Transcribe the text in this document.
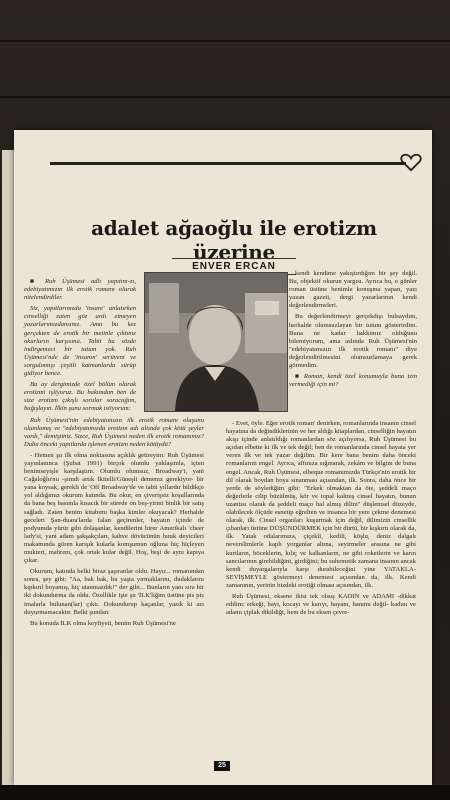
adalet ağaoğlu ile erotizm üzerine
ENVER ERCAN

■ Ruh Üşümesi adlı yapıtını-zı, edebiyatımızın ilk erotik romanı olarak nitelendirdiler.

Siz, yapıtlarınızda 'insanı' anlatırken cinselliği zaten göz ardı etmeyen yazarlarımızdansınız. Ama bu kez gerçekten de erotik bir metinle çıktınız okurların karşısına. Tabii bu sözde indirgemeci bir tutum yok. Ruh Üşümesi'nde de 'insanın' serüveni ve sorgulamışı çeşitli katmanlarda sürüp gidiyor bence.

Bu ay dergimizde özel bölüm olarak erotizmi işliyoruz. Bu bakımdan ben de size erotizm çıkışlı sorular soracağım, bağışlayın. İlkin şunu sormak istiyorum:

Ruh Üşümesi'nin edebiyatımızın ilk erotik romanı oluşunu olumlamış ve "edebiyatımızda erotizm adı altında çok kötü şeyler vardı," demiştiniz. Sizce, Ruh Üşümesi neden ilk erotik romanımız? Daba önceki yapıtlarda işlenen erotizm neden kötüydü?

- Hemen şu ilk olma noktasına açıklık getireyim: Ruh Üşümesi yayınlanınca (Şubat 1991) birçok olumlu yaklaşımla, içten benimseyişle karşılaştım. Olumlu olumsuz, Broadway'i, yani Cağaloğlu'nu -şimdi artık İkitelli/Güneşli demenız gerekiyor- bir yana koysak, gerekli de 'Off Broadway'de ve tabii yıllardır bildikçe yol aldığımız okurum katında. Bu okur, en çiverişsiz koşullarında da bana beş basımla kısacık bir sürede on beş-yirmi binlik bir satış sağladı. Zaten benim kitabımı başka kimler okuyacak? Herhalde geceleri Şan-duara'larda falan geçirenler, hayatın içinde de podyumda yürür gibi dolaşanlar, kendilerini birer Amerikalı 'cheer lady'si, yani adam şakşakçıları, kahve dövücünün hınık deyicileri makamında gören karışık kularla komşumun oğluna hiç hiçleyen mukteri, mahrem, çok ortak kular değil. Hoş, beşi de aynı kapıya çıkar.

Okurum, katında belki biraz şaşıranlar oldu. Hayır... romanından sonra, şey gibi: "Aa, bak bak, bu yaşta yırmaklarını, dudaklarını kıpkırıl boyamış, hiç utanmazdık!" der gibi... Bunların yanı sıra bir iki dokundurma da oldu. Özellikle işte şu 'İLK'liğim üstüne pis pis imalarla bulunan(lar) çıktı. Dokundurup kaçanlar, yazık ki azı duyurmamacaktır. Belki şundan:

Bu konuda İLK olma keyfiyeti, benim Ruh Üşümesi'ne

kendi kendime yakıştırdığım bir şey değil. Bu, objektif okurun yargısı. Ayrıca bu, o günler roman üstüne benimle konuşma yapan, yazı yazan gazeti, dergi yazarlarının kendi değerlendirmeleri.

Bu değerlendirmeyi gerçekdışı bulsaydım, herhalde olumsuzlayan bir tutum gösterirdim. Buna ne kadar hakkımız olduğunu bilemiyorum, ama aslında Ruh Üşümesi'nin "edebiyatımızın ilk erotik romanı" diye değerlendirilmesini olumsuzlamaya gerek görmedim.

■ Roman, kendi özel konumuyla buna izin vermediği için mi?

- Evet, öyle. Eğer erotik roman' denirken, romanlarında insanın cinsel hayatına da değindiklerinin ve her aldığı kitaplardan, cinselliğin hayatın akışı içinde anlatıldığı romanlardan söz açılıyorsa, Ruh Üşümesi bu açıdan elbette ki ilk ve tek değil; ben de romanlarında cinsel hayata yer veren ilk ve tek yazar değilim. Bir kere bana benim daha önceki romanlarım engel. Ayrıca, affınıza sığınarak, zekâm ve bilgim de buna engel. Ancak, Ruh Üşümesi, elbeque romanımızda Türkçe'nin erotik bir dil olarak boydan boya sınanması açısından, ilk. Sonra, daha önce bir yerde de söylediğim gibi: "Erkek olmaktan da öte, şeddeli maço değerlerle cilip büzülmüş, kör ve topal kalmış cinsel hayatın, bunun uzantısı olarak da şeddeli maço hal almış dilini" düşlemsel düzeyde, olabilecek ölçüde esnetip eğrelten ve insanca bir yere çekme denemesi olarak, ilk. Cinsel organları kuşurmak için değil, dilimizin cinsellik çıbanları üstüne DÜŞÜNDÜRMEK için bir dürtü, bir kışkırtı olarak da, ilk. Yatak odalarımıza, çiçekli, kedili, köşlu, deniz dalgalı neverslimlerle kaplı yorganlar altına, seyirmeler arasına ne gibi kurtların, böceklerin, kılıç ve kalkanların, ne gibi roketlerin ve karın sancılarının girebildiğini, girdiğini; bu suhemetik zamana insanın ancak kendi duyargalarıyla karşı durabileceğini yine YATAKLA-SEVİŞMEYLE göstermeyi denemesi açısından da, ilk. Kendi zamanının, yerinin bizdeki erotiği olması açısından, ilk.

Ruh Üşümesi, eksene ikisi tek olsuş KADIN ve ADAMI -dikkat edilim: erkeği, bayı, kocayı ve karıyı, bayanı, hanımı değil- kadını ve adamı çiplak dikildiği, hem de bu eksen çevre-

25
